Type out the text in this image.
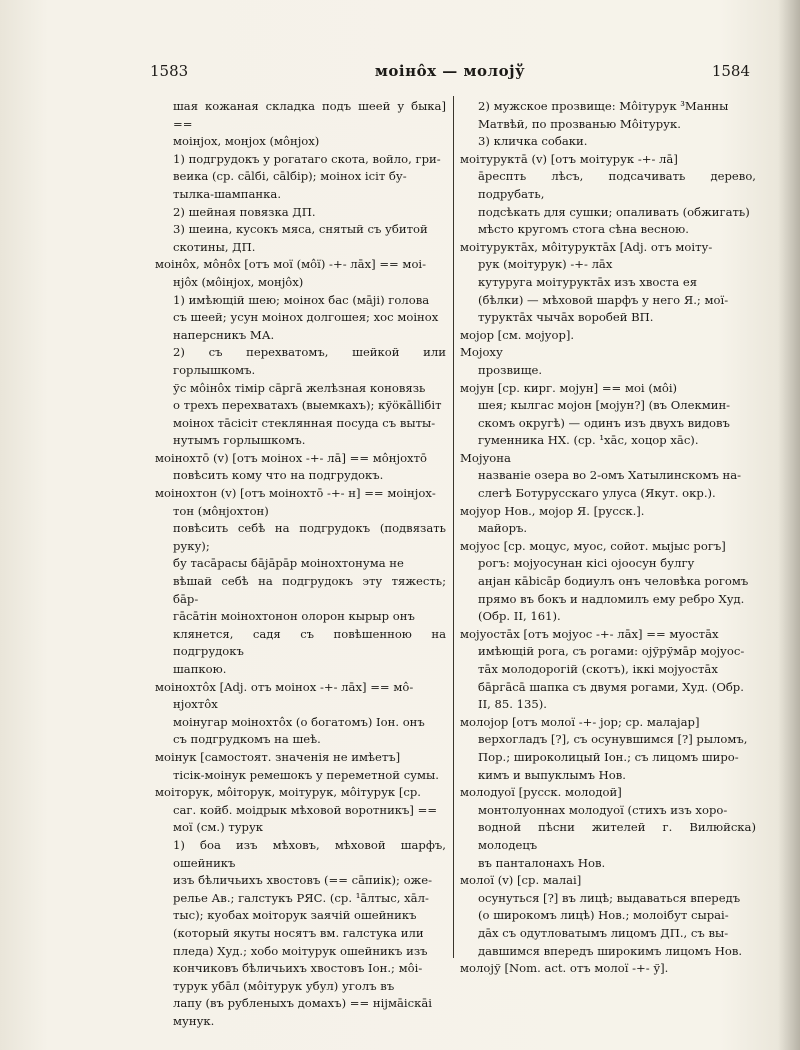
1583	моінôх — молоjў	1584

шая кожаная складка подъ шеей у быка] ==

моінjох, монjох (мôнjох)

1) подгрудокъ у рогатаго скота, войло, гри-

веика (ср. сālбі, сālбір); моінох ісіт бу-

тылка-шампанка.

2) шейная повязка ДП.

3) шеина, кусокъ мяса, снятый съ убитой

скотины, ДП.

моінôх, мôнôх [отъ мої (мôї) -+- лāх] == моі-

нjôх (мôінjох, монjôх)

1) имѣющій шею; моінох бас (мājі) голова

съ шеей; усун моінох долгошея; хос моінох

наперсникъ МА.

2) съ перехватомъ, шейкой или горлышкомъ.

ўс мôінôх тімір сāргā желѣзная коновязь

о трехъ перехватахъ (выемкахъ); кўöкāllібіт

моінох тāсісіт стеклянная посуда съ выты-

нутымъ горлышкомъ.

моінохтō (v) [отъ моінох -+- лā] == мôнjохтō

повѣсить кому что на подгрудокъ.

моінохтон (v) [отъ моінохтō -+- н] == моінjох-

тон (мôнjохтон)

повѣсить себѣ на подгрудокъ (подвязать руку);

бу тасāрасы бāјāрāр моінохтонума не

вѣшай себѣ на подгрудокъ эту тяжесть; бāр-

гāсāтін моінохтонон олорон кырыр онъ

клянется, садя съ повѣшенною на подгрудокъ

шапкою.

моінохтôх [Adj. отъ моінох -+- лāх] == мô-

нjохтôх

моінугар моінохтôх (о богатомъ) Іон. онъ

съ подгрудкомъ на шеѣ.

моінук [самостоят. значенія не имѣетъ]

тісік-моінук ремешокъ у переметной сумы.

моіторук, мôіторук, моітурук, мôітурук [ср.

саг. койб. моідрык мѣховой воротникъ] ==

мої (см.) турук

1) боа изъ мѣховъ, мѣховой шарфъ, ошейникъ

изъ бѣличьихъ хвостовъ (== сāпиік); оже-

релье Ав.; галстукъ РЯС. (ср. ¹āлтыс, хāл-

тыс); куобах моіторук заячій ошейникъ

(который якуты носятъ вм. галстука или

пледа) Худ.; хобо моітурук ошейникъ изъ

кончиковъ бѣличьихъ хвостовъ Іон.; мôі-

турук убāл (мôітурук убул) уголъ въ

лапу (въ рубленыхъ домахъ) == ніјмāіскāі

мунук.

2) мужское прозвище: Мôітурук ³Манны

Матвѣй, по прозванью Мôітурук.

3) кличка собаки.

моітуруктā (v) [отъ моітурук -+- лā]

āреспть лѣсъ, подсачивать дерево, подрубать,

подсѣкать для сушки; опаливать (обжигать)

мѣсто кругомъ стога сѣна весною.

моітуруктāх, мôітуруктāх [Adj. отъ моіту-

рук (моітурук) -+- лāх

кутуруга моітуруктāх изъ хвоста ея

(бѣлки) — мѣховой шарфъ у него Я.; мої-

туруктāх чычāх воробей ВП.

мојор [см. мојуор].

Мојоху

прозвище.

мојун [ср. кирг. мојун] == моі (мôі)

шея; кылгас мојон [мојун?] (въ Олекмин-

скомъ округѣ) — одинъ изъ двухъ видовъ

гуменника НХ. (ср. ¹хāс, хоцор хāс).

Мојуона

названіе озера во 2-омъ Хатылинскомъ на-

слегѣ Ботурусскаго улуса (Якут. окр.).

мојуор Нов., мојор Я. [русск.].

майоръ.

мојуос [ср. моцус, муос, сойот. мыjыс рогъ]

рогъ: мојуосунан кісі оjоосун булгу

анjан кābісāр бодиулъ онъ человѣка рогомъ

прямо въ бокъ и надломилъ ему ребро Худ.

(Обр. II, 161).

мојуостāх [отъ мојуос -+- лāх] == муостāх

имѣющій рога, съ рогами: оjўрўмāр мојуос-

тāх молодорогій (скотъ), іккі мојуостāх

бāргāсā шапка съ двумя рогами, Худ. (Обр.

II, 85. 135).

молоjор [отъ молої -+- jор; ср. малаjар]

верхогладъ [?], съ осунувшимся [?] рыломъ,

Пор.; широколицый Іон.; съ лицомъ широ-

кимъ и выпуклымъ Нов.

молодуої [русск. молодой]

монтолуоннах молодуої (стихъ изъ хоро-

водной пѣсни жителей г. Вилюйска) молодецъ

въ панталонахъ Нов.

молої (v) [ср. малаі]

осунуться [?] въ лицѣ; выдаваться впередъ

(о широкомъ лицѣ) Нов.; молоібут сыраі-

дāх съ одутловатымъ лицомъ ДП., съ вы-

давшимся впередъ широкимъ лицомъ Нов.

молоjў [Nom. act. отъ молої -+- ў].
